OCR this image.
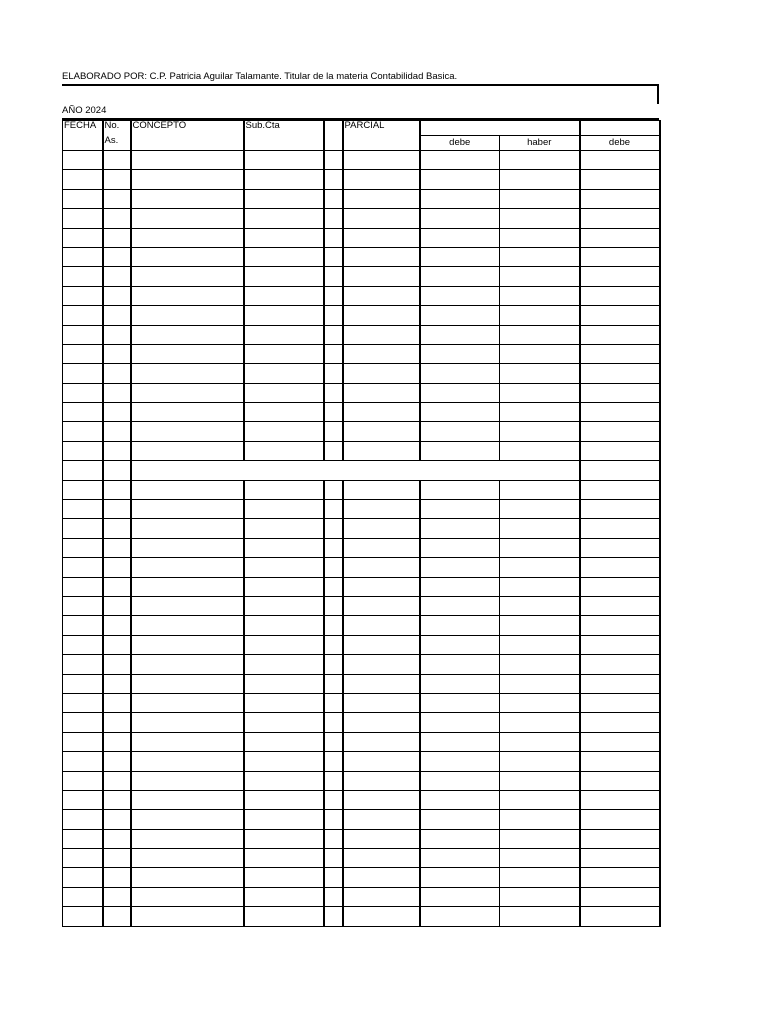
ELABORADO POR: C.P. Patricia Aguilar Talamante. Titular de la materia Contabilidad Basica.
AÑO 2024
FECHA	No.	CONCEPTO	Sub.Cta		PARCIAL			
	As.					debe	haber	debe
